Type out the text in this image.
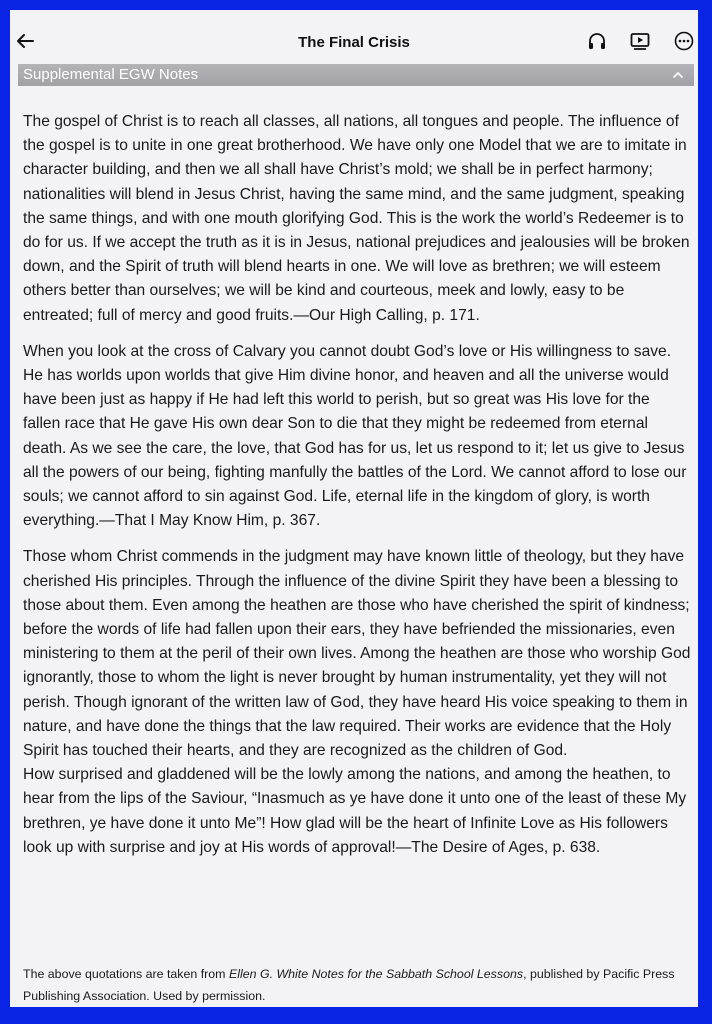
The Final Crisis
Supplemental EGW Notes

The gospel of Christ is to reach all classes, all nations, all tongues and people. The influence of the gospel is to unite in one great brotherhood. We have only one Model that we are to imitate in character building, and then we all shall have Christ’s mold; we shall be in perfect harmony; nationalities will blend in Jesus Christ, having the same mind, and the same judgment, speaking the same things, and with one mouth glorifying God. This is the work the world’s Redeemer is to do for us. If we accept the truth as it is in Jesus, national prejudices and jealousies will be broken down, and the Spirit of truth will blend hearts in one. We will love as brethren; we will esteem others better than ourselves; we will be kind and courteous, meek and lowly, easy to be entreated; full of mercy and good fruits.—Our High Calling, p. 171.

When you look at the cross of Calvary you cannot doubt God’s love or His willingness to save. He has worlds upon worlds that give Him divine honor, and heaven and all the universe would have been just as happy if He had left this world to perish, but so great was His love for the fallen race that He gave His own dear Son to die that they might be redeemed from eternal death. As we see the care, the love, that God has for us, let us respond to it; let us give to Jesus all the powers of our being, fighting manfully the battles of the Lord. We cannot afford to lose our souls; we cannot afford to sin against God. Life, eternal life in the kingdom of glory, is worth everything.—That I May Know Him, p. 367.

Those whom Christ commends in the judgment may have known little of theology, but they have cherished His principles. Through the influence of the divine Spirit they have been a blessing to those about them. Even among the heathen are those who have cherished the spirit of kindness; before the words of life had fallen upon their ears, they have befriended the missionaries, even ministering to them at the peril of their own lives. Among the heathen are those who worship God ignorantly, those to whom the light is never brought by human instrumentality, yet they will not perish. Though ignorant of the written law of God, they have heard His voice speaking to them in nature, and have done the things that the law required. Their works are evidence that the Holy Spirit has touched their hearts, and they are recognized as the children of God.

How surprised and gladdened will be the lowly among the nations, and among the heathen, to hear from the lips of the Saviour, “Inasmuch as ye have done it unto one of the least of these My brethren, ye have done it unto Me”! How glad will be the heart of Infinite Love as His followers look up with surprise and joy at His words of approval!—The Desire of Ages, p. 638.

The above quotations are taken from Ellen G. White Notes for the Sabbath School Lessons, published by Pacific Press Publishing Association. Used by permission.
